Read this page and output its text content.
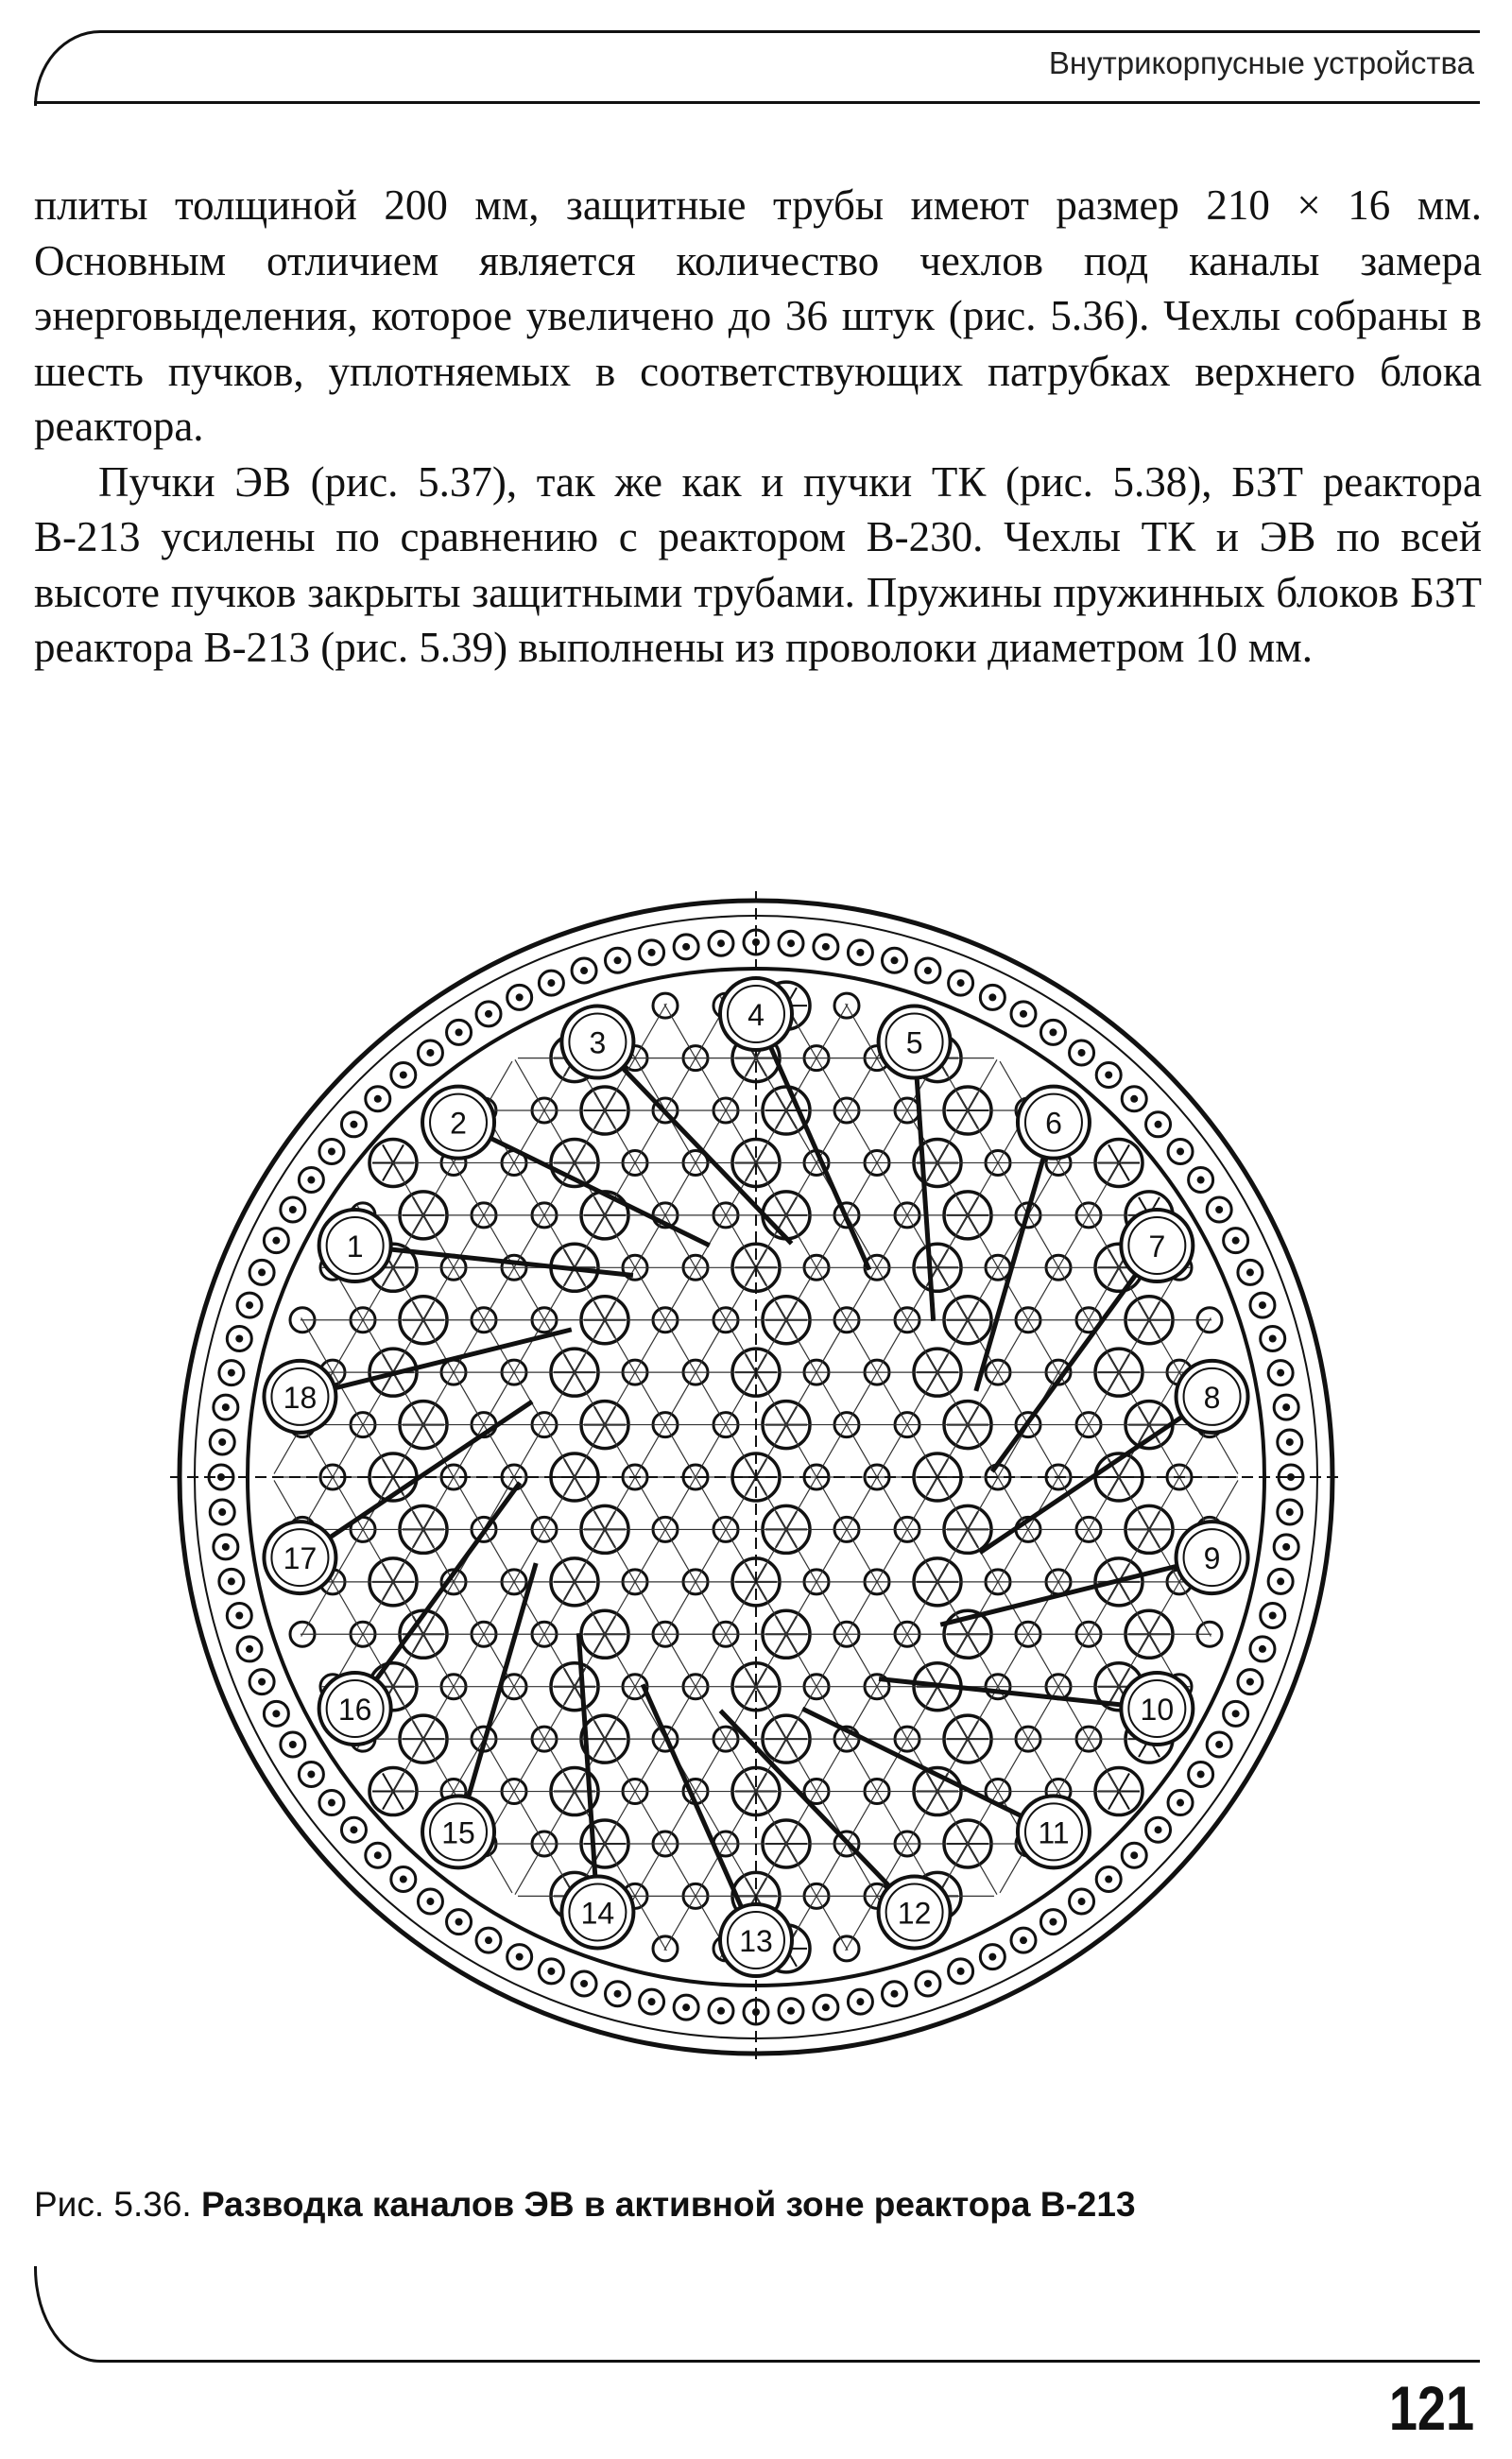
Внутрикорпусные устройства

плиты толщиной 200 мм, защитные трубы имеют размер 210 × 16 мм. Основным отличием является количество чехлов под каналы замера энерговыделения, которое увеличено до 36 штук (рис. 5.36). Чехлы собраны в шесть пучков, уплотняемых в соответствующих патрубках верхнего блока реактора.

Пучки ЭВ (рис. 5.37), так же как и пучки ТК (рис. 5.38), БЗТ реактора В-213 усилены по сравнению с реактором В-230. Чехлы ТК и ЭВ по всей высоте пучков закрыты защитными трубами. Пружины пружинных блоков БЗТ реактора В-213 (рис. 5.39) выполнены из проволоки диаметром 10 мм.

1
2
3
4
5
6
7
8
9
10
11
12
13
14
15
16
17
18
Рис. 5.36. Разводка каналов ЭВ в активной зоне реактора В-213
121
